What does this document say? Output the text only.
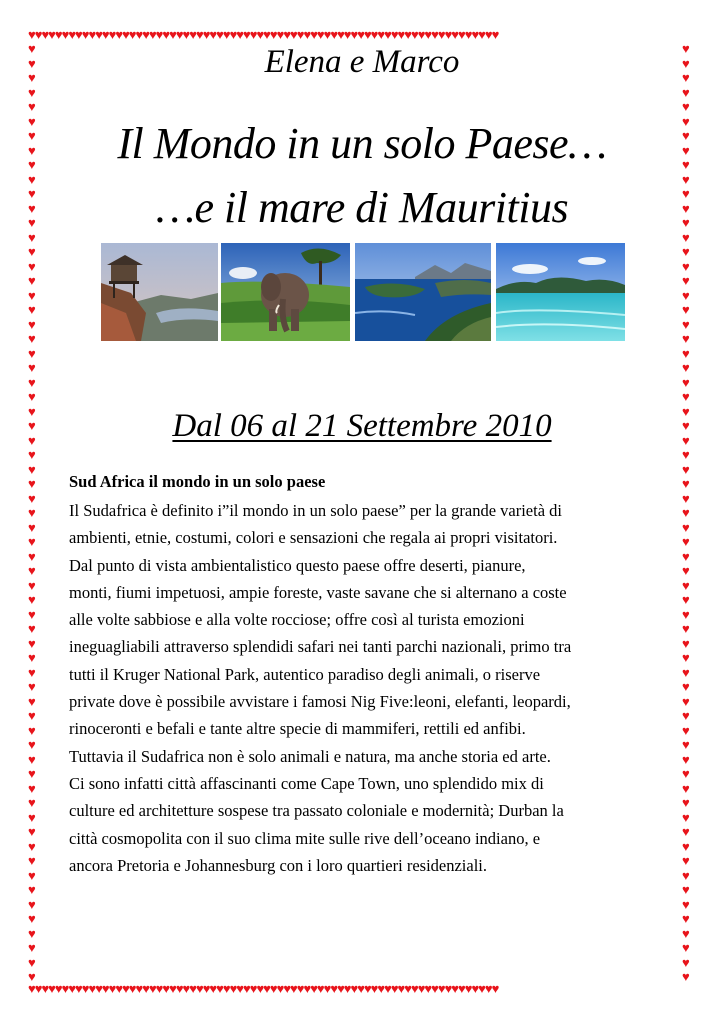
♥♥♥♥♥♥♥♥♥♥♥♥♥♥♥♥♥♥♥♥♥♥♥♥♥♥♥♥♥♥♥♥♥♥♥♥♥♥♥♥♥♥♥♥♥♥♥♥♥♥♥♥♥♥♥♥♥♥♥♥♥♥♥♥♥♥♥♥♥♥
♥♥♥♥♥♥♥♥♥♥♥♥♥♥♥♥♥♥♥♥♥♥♥♥♥♥♥♥♥♥♥♥♥♥♥♥♥♥♥♥♥♥♥♥♥♥♥♥♥♥♥♥♥♥♥♥♥♥♥♥♥♥♥♥♥♥♥♥♥♥
♥
♥
♥
♥
♥
♥
♥
♥
♥
♥
♥
♥
♥
♥
♥
♥
♥
♥
♥
♥
♥
♥
♥
♥
♥
♥
♥
♥
♥
♥
♥
♥
♥
♥
♥
♥
♥
♥
♥
♥
♥
♥
♥
♥
♥
♥
♥
♥
♥
♥
♥
♥
♥
♥
♥
♥
♥
♥
♥
♥
♥
♥
♥
♥
♥
♥
♥
♥
♥
♥
♥
♥
♥
♥
♥
♥
♥
♥
♥
♥
♥
♥
♥
♥
♥
♥
♥
♥
♥
♥
♥
♥
♥
♥
♥
♥
♥
♥
♥
♥
♥
♥
♥
♥
♥
♥
♥
♥
♥
♥
♥
♥
♥
♥
♥
♥
♥
♥
♥
♥
♥
♥
♥
♥
♥
♥
♥
♥
♥
♥
Elena e Marco
Il Mondo in un solo Paese…
…e il mare di Mauritius
Dal 06 al 21 Settembre 2010
Sud Africa il mondo in un solo paese
Il Sudafrica è definito i”il mondo in un solo paese” per la grande varietà di
ambienti, etnie, costumi, colori e sensazioni che regala ai propri visitatori.
Dal punto di vista ambientalistico questo paese offre deserti, pianure,
monti, fiumi impetuosi, ampie foreste, vaste savane che si alternano a coste
alle volte sabbiose e alla volte rocciose; offre così al turista emozioni
ineguagliabili attraverso splendidi safari nei tanti parchi nazionali, primo tra
tutti il Kruger National Park, autentico paradiso degli animali, o riserve
private dove è possibile avvistare i famosi Nig Five:leoni, elefanti, leopardi,
rinoceronti e befali e tante altre specie di mammiferi, rettili ed anfibi.
Tuttavia il Sudafrica non è solo animali e natura, ma anche storia ed arte.
Ci sono infatti città affascinanti come Cape Town, uno splendido mix di
culture ed architetture sospese tra passato coloniale e modernità; Durban la
città cosmopolita con il suo clima mite sulle rive dell’oceano indiano, e
ancora Pretoria e Johannesburg con i loro quartieri residenziali.
